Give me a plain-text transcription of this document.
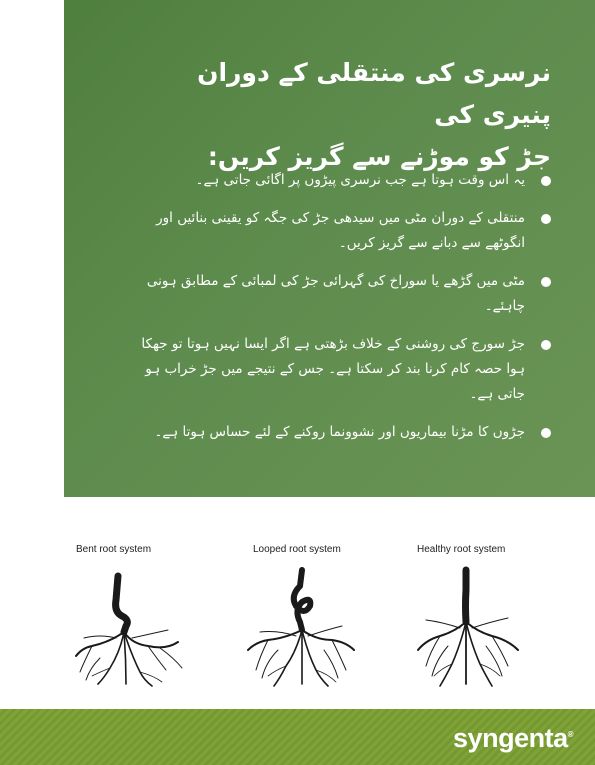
نرسری کی منتقلی کے دوران پنیری کی
جڑ کو موڑنے سے گریز کریں:
یہ اس وقت ہوتا ہے جب نرسری پیڑوں پر اگائی جاتی ہے۔
منتقلی کے دوران مٹی میں سیدھی جڑ کی جگہ کو یقینی بنائیں اور انگوٹھے سے دبانے سے گریز کریں۔
مٹی میں گڑھے یا سوراخ کی گہرائی جڑ کی لمبائی کے مطابق ہونی چاہئے۔
جڑ سورج کی روشنی کے خلاف بڑھتی ہے اگر ایسا نہیں ہوتا تو جھکا ہوا حصہ کام کرنا بند کر سکتا ہے۔ جس کے نتیجے میں جڑ خراب ہو جاتی ہے۔
جڑوں کا مڑنا بیماریوں اور نشوونما روکنے کے لئے حساس ہوتا ہے۔
Bent root system	Looped root system	Healthy root system
syngenta®
